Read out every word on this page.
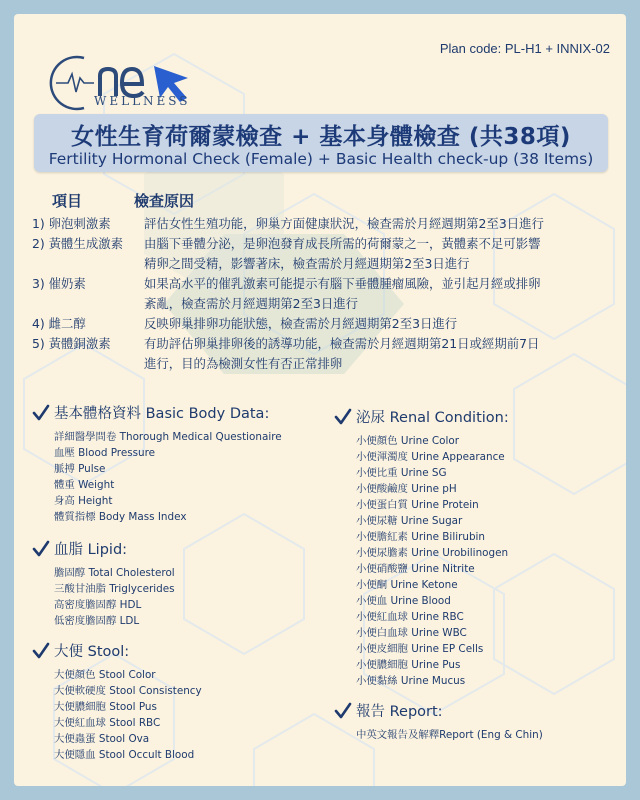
WELLNESS
Plan code: PL-H1 + INNIX-02
女性生育荷爾蒙檢查 + 基本身體檢查 (共38項)
Fertility Hormonal Check (Female) + Basic Health check-up (38 Items)
項目	檢查原因
1) 卵泡刺激素	評估女性生殖功能，卵巢方面健康狀況，檢查需於月經週期第2至3日進行
2) 黃體生成激素	由腦下垂體分泌，是卵泡發育成長所需的荷爾蒙之一，黃體素不足可影響
精卵之間受精，影響著床，檢查需於月經週期第2至3日進行
3) 催奶素	如果高水平的催乳激素可能提示有腦下垂體腫瘤風險，並引起月經或排卵
紊亂，檢查需於月經週期第2至3日進行
4) 雌二醇	反映卵巢排卵功能狀態，檢查需於月經週期第2至3日進行
5) 黃體銅激素	有助評估卵巢排卵後的誘導功能，檢查需於月經週期第21日或經期前7日
進行，目的為檢測女性有否正常排卵
基本體格資料 Basic Body Data:
詳細醫學問卷 Thorough Medical Questionaire
血壓 Blood Pressure
脈搏 Pulse
體重 Weight
身高 Height
體質指標 Body Mass Index
血脂 Lipid:
膽固醇 Total Cholesterol
三酸甘油脂 Triglycerides
高密度膽固醇 HDL
低密度膽固醇 LDL
大便 Stool:
大便顏色 Stool Color
大便軟硬度 Stool Consistency
大便膿細胞 Stool Pus
大便紅血球 Stool RBC
大便蟲蛋 Stool Ova
大便隱血 Stool Occult Blood
泌尿 Renal Condition:
小便顏色 Urine Color
小便渾濁度 Urine Appearance
小便比重 Urine SG
小便酸鹼度 Urine pH
小便蛋白質 Urine Protein
小便尿糖 Urine Sugar
小便膽紅素 Urine Bilirubin
小便尿膽素 Urine Urobilinogen
小便硝酸鹽 Urine Nitrite
小便酮 Urine Ketone
小便血 Urine Blood
小便紅血球 Urine RBC
小便白血球 Urine WBC
小便皮細胞 Urine EP Cells
小便膿細胞 Urine Pus
小便黏絲 Urine Mucus
報告 Report:
中英文報告及解釋Report (Eng & Chin)
